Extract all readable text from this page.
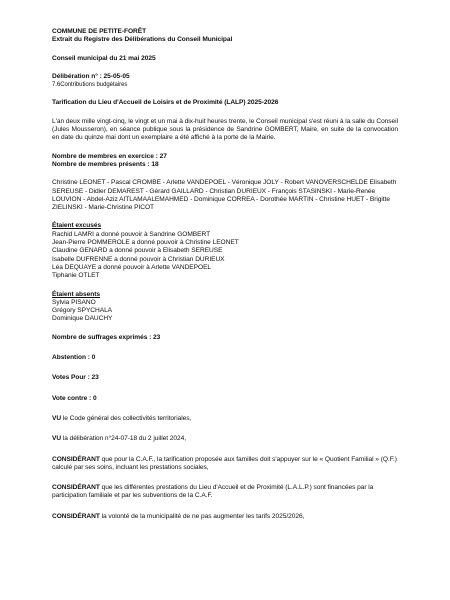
COMMUNE DE PETITE-FORÊT
Extrait du Registre des Délibérations du Conseil Municipal
Conseil municipal du 21 mai 2025
Délibération n° : 25-05-05
7.6Contributions budgétaires
Tarification du Lieu d'Accueil de Loisirs et de Proximité (LALP) 2025-2026
L'an deux mille vingt-cinq, le vingt et un mai à dix-huit heures trente, le Conseil municipal s'est réuni à la salle du Conseil (Jules Mousseron), en séance publique sous la présidence de Sandrine GOMBERT, Maire, en suite de la convocation en date du quinze mai dont un exemplaire a été affiché à la porte de la Mairie.
Nombre de membres en exercice : 27
Nombre de membres présents : 18
Christine LEONET - Pascal CROMBE - Arlette VANDEPOEL - Véronique JOLY - Robert VANOVERSCHELDE Elisabeth SEREUSE - Didier DEMAREST - Gérard GAILLARD - Christian DURIEUX - François STASINSKI - Marie-Renée LOUVION - Abdel-Aziz AITLAMAALEMAHMED - Dominique CORREA - Dorothée MARTIN - Christine HUET - Brigitte ZIELINSKI - Marie-Christine PICOT
Étaient excusés
Rachid LAMRI a donné pouvoir à Sandrine GOMBERT
Jean-Pierre POMMEROLE a donné pouvoir à Christine LEONET
Claudine GENARD a donné pouvoir à Elisabeth SEREUSE
Isabelle DUFRENNE a donné pouvoir à Christian DURIEUX
Léa DEQUAYE a donné pouvoir à Arlette VANDEPOEL
Tiphanie OTLET
Étaient absents
Sylvia PISANO
Grégory SPYCHALA
Dominique DAUCHY
Nombre de suffrages exprimés : 23
Abstention : 0
Votes Pour : 23
Vote contre : 0
VU le Code général des collectivités territoriales,
VU la délibération n°24-07-18 du 2 juillet 2024,
CONSIDÉRANT que pour la C.A.F., la tarification proposée aux familles doit s'appuyer sur le « Quotient Familial » (Q.F.) calculé par ses soins, incluant les prestations sociales,
CONSIDÉRANT que les différentes prestations du Lieu d'Accueil et de Proximité (L.A.L.P.) sont financées par la participation familiale et par les subventions de la C.A.F.
CONSIDÉRANT la volonté de la municipalité de ne pas augmenter les tarifs 2025/2026,
